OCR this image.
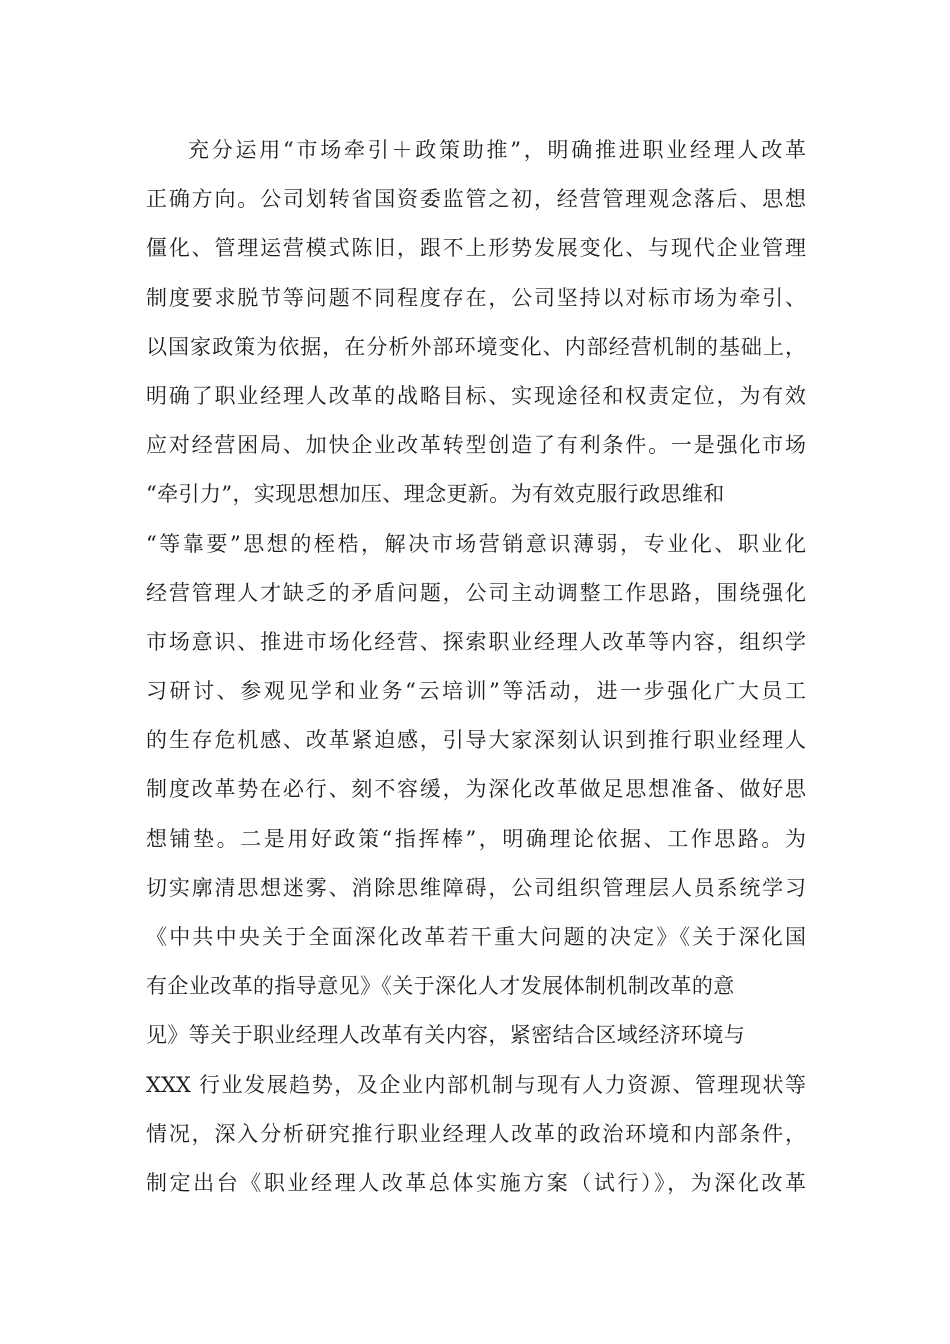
充分运用“市场牵引＋政策助推”，明确推进职业经理人改革
正确方向。公司划转省国资委监管之初，经营管理观念落后、思想
僵化、管理运营模式陈旧，跟不上形势发展变化、与现代企业管理
制度要求脱节等问题不同程度存在，公司坚持以对标市场为牵引、
以国家政策为依据，在分析外部环境变化、内部经营机制的基础上，
明确了职业经理人改革的战略目标、实现途径和权责定位，为有效
应对经营困局、加快企业改革转型创造了有利条件。一是强化市场
“牵引力”，实现思想加压、理念更新。为有效克服行政思维和
“等靠要”思想的桎梏，解决市场营销意识薄弱，专业化、职业化
经营管理人才缺乏的矛盾问题，公司主动调整工作思路，围绕强化
市场意识、推进市场化经营、探索职业经理人改革等内容，组织学
习研讨、参观见学和业务“云培训”等活动，进一步强化广大员工
的生存危机感、改革紧迫感，引导大家深刻认识到推行职业经理人
制度改革势在必行、刻不容缓，为深化改革做足思想准备、做好思
想铺垫。二是用好政策“指挥棒”，明确理论依据、工作思路。为
切实廓清思想迷雾、消除思维障碍，公司组织管理层人员系统学习
《中共中央关于全面深化改革若干重大问题的决定》《关于深化国
有企业改革的指导意见》《关于深化人才发展体制机制改革的意
见》等关于职业经理人改革有关内容，紧密结合区域经济环境与
XXX 行业发展趋势，及企业内部机制与现有人力资源、管理现状等
情况，深入分析研究推行职业经理人改革的政治环境和内部条件，
制定出台《职业经理人改革总体实施方案（试行）》，为深化改革
